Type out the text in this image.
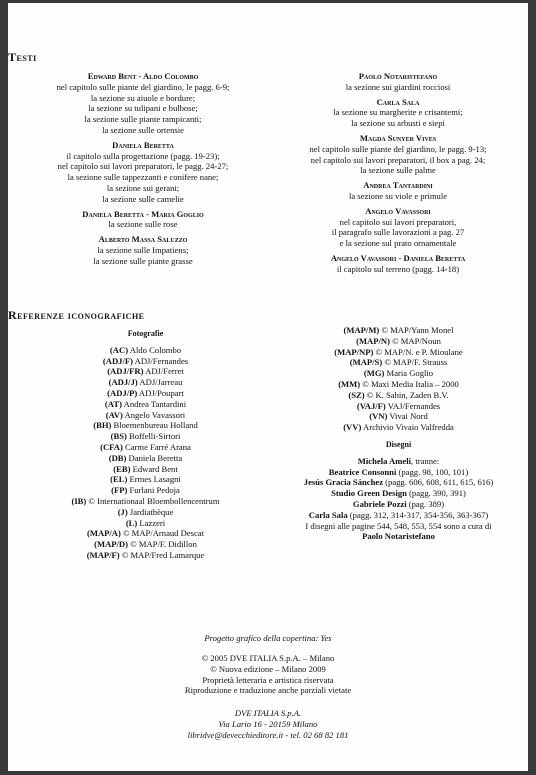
Testi
Edward Bent - Aldo Colombo
nel capitolo sulle piante del giardino, le pagg. 6-9;
la sezione su aiuole e bordure;
la sezione su tulipani e bulbose;
la sezione sulle piante rampicanti;
la sezione sulle ortensie
Daniela Beretta
il capitolo sulla progettazione (pagg. 19-23);
nel capitolo sui lavori preparatori, le pagg. 24-27;
la sezione sulle tappezzanti e conifere nane;
la sezione sui gerani;
la sezione sulle camelie
Daniela Beretta - Maria Goglio
la sezione sulle rose
Alberto Massa Saluzzo
la sezione sulle Impatiens;
la sezione sulle piante grasse
Paolo Notaristefano
la sezione sui giardini rocciosi
Carla Sala
la sezione su margherite e crisantemi;
la sezione su arbusti e siepi
Magda Sunyer Vives
nel capitolo sulle piante del giardino, le pagg. 9-13;
nel capitolo sui lavori preparatori, il box a pag. 24;
la sezione sulle palme
Andrea Tantardini
la sezione su viole e primule
Angelo Vavassori
nel capitolo sui lavori preparatori,
il paragrafo sulle lavorazioni a pag. 27
e la sezione sul prato ornamentale
Angelo Vavassori - Daniela Beretta
il capitolo sul terreno (pagg. 14-18)
Referenze iconografiche
Fotografie
(AC) Aldo Colombo
(ADJ/F) ADJ/Fernandes
(ADJ/FR) ADJ/Ferret
(ADJ/J) ADJ/Jarreau
(ADJ/P) ADJ/Poupart
(AT) Andrea Tantardini
(AV) Angelo Vavassori
(BH) Bloemenbureau Holland
(BS) Boffelli-Sirtori
(CFA) Carme Farré Arana
(DB) Daniela Beretta
(EB) Edward Bent
(EL) Ermes Lasagni
(FP) Furlani Pedoja
(IB) © Internationaal Bloembollencentrum
(J) Jardiathèque
(L) Lazzeri
(MAP/A) © MAP/Arnaud Descat
(MAP/D) © MAP/F. Didillon
(MAP/F) © MAP/Fred Lamarque
(MAP/M) © MAP/Yann Monel
(MAP/N) © MAP/Noun
(MAP/NP) © MAP/N. e P. Mioulane
(MAP/S) © MAP/F. Strauss
(MG) Maria Goglio
(MM) © Maxi Media Italia – 2000
(SZ) © K. Sahin, Zaden B.V.
(VAJ/F) VAJ/Fernandes
(VN) Vivai Nord
(VV) Archivio Vivaio Valfredda
Disegni
Michela Ameli, tranne:
Beatrice Consonni (pagg. 98, 100, 101)
Jesús Gracia Sánchez (pagg. 606, 608, 611, 615, 616)
Studio Green Design (pagg. 390, 391)
Gabriele Pozzi (pag. 389)
Carla Sala (pagg. 312, 314-317, 354-356, 363-367)
I disegni alle pagine 544, 548, 553, 554 sono a cura di
Paolo Notaristefano
Progetto grafico della copertina: Yes
© 2005 DVE ITALIA S.p.A. – Milano
© Nuova edizione – Milano 2009
Proprietà letteraria e artistica riservata
Riproduzione e traduzione anche parziali vietate
DVE ITALIA S.p.A.
Via Lario 16 - 20159 Milano
libridve@devecchieditore.it - tel. 02 68 82 181
